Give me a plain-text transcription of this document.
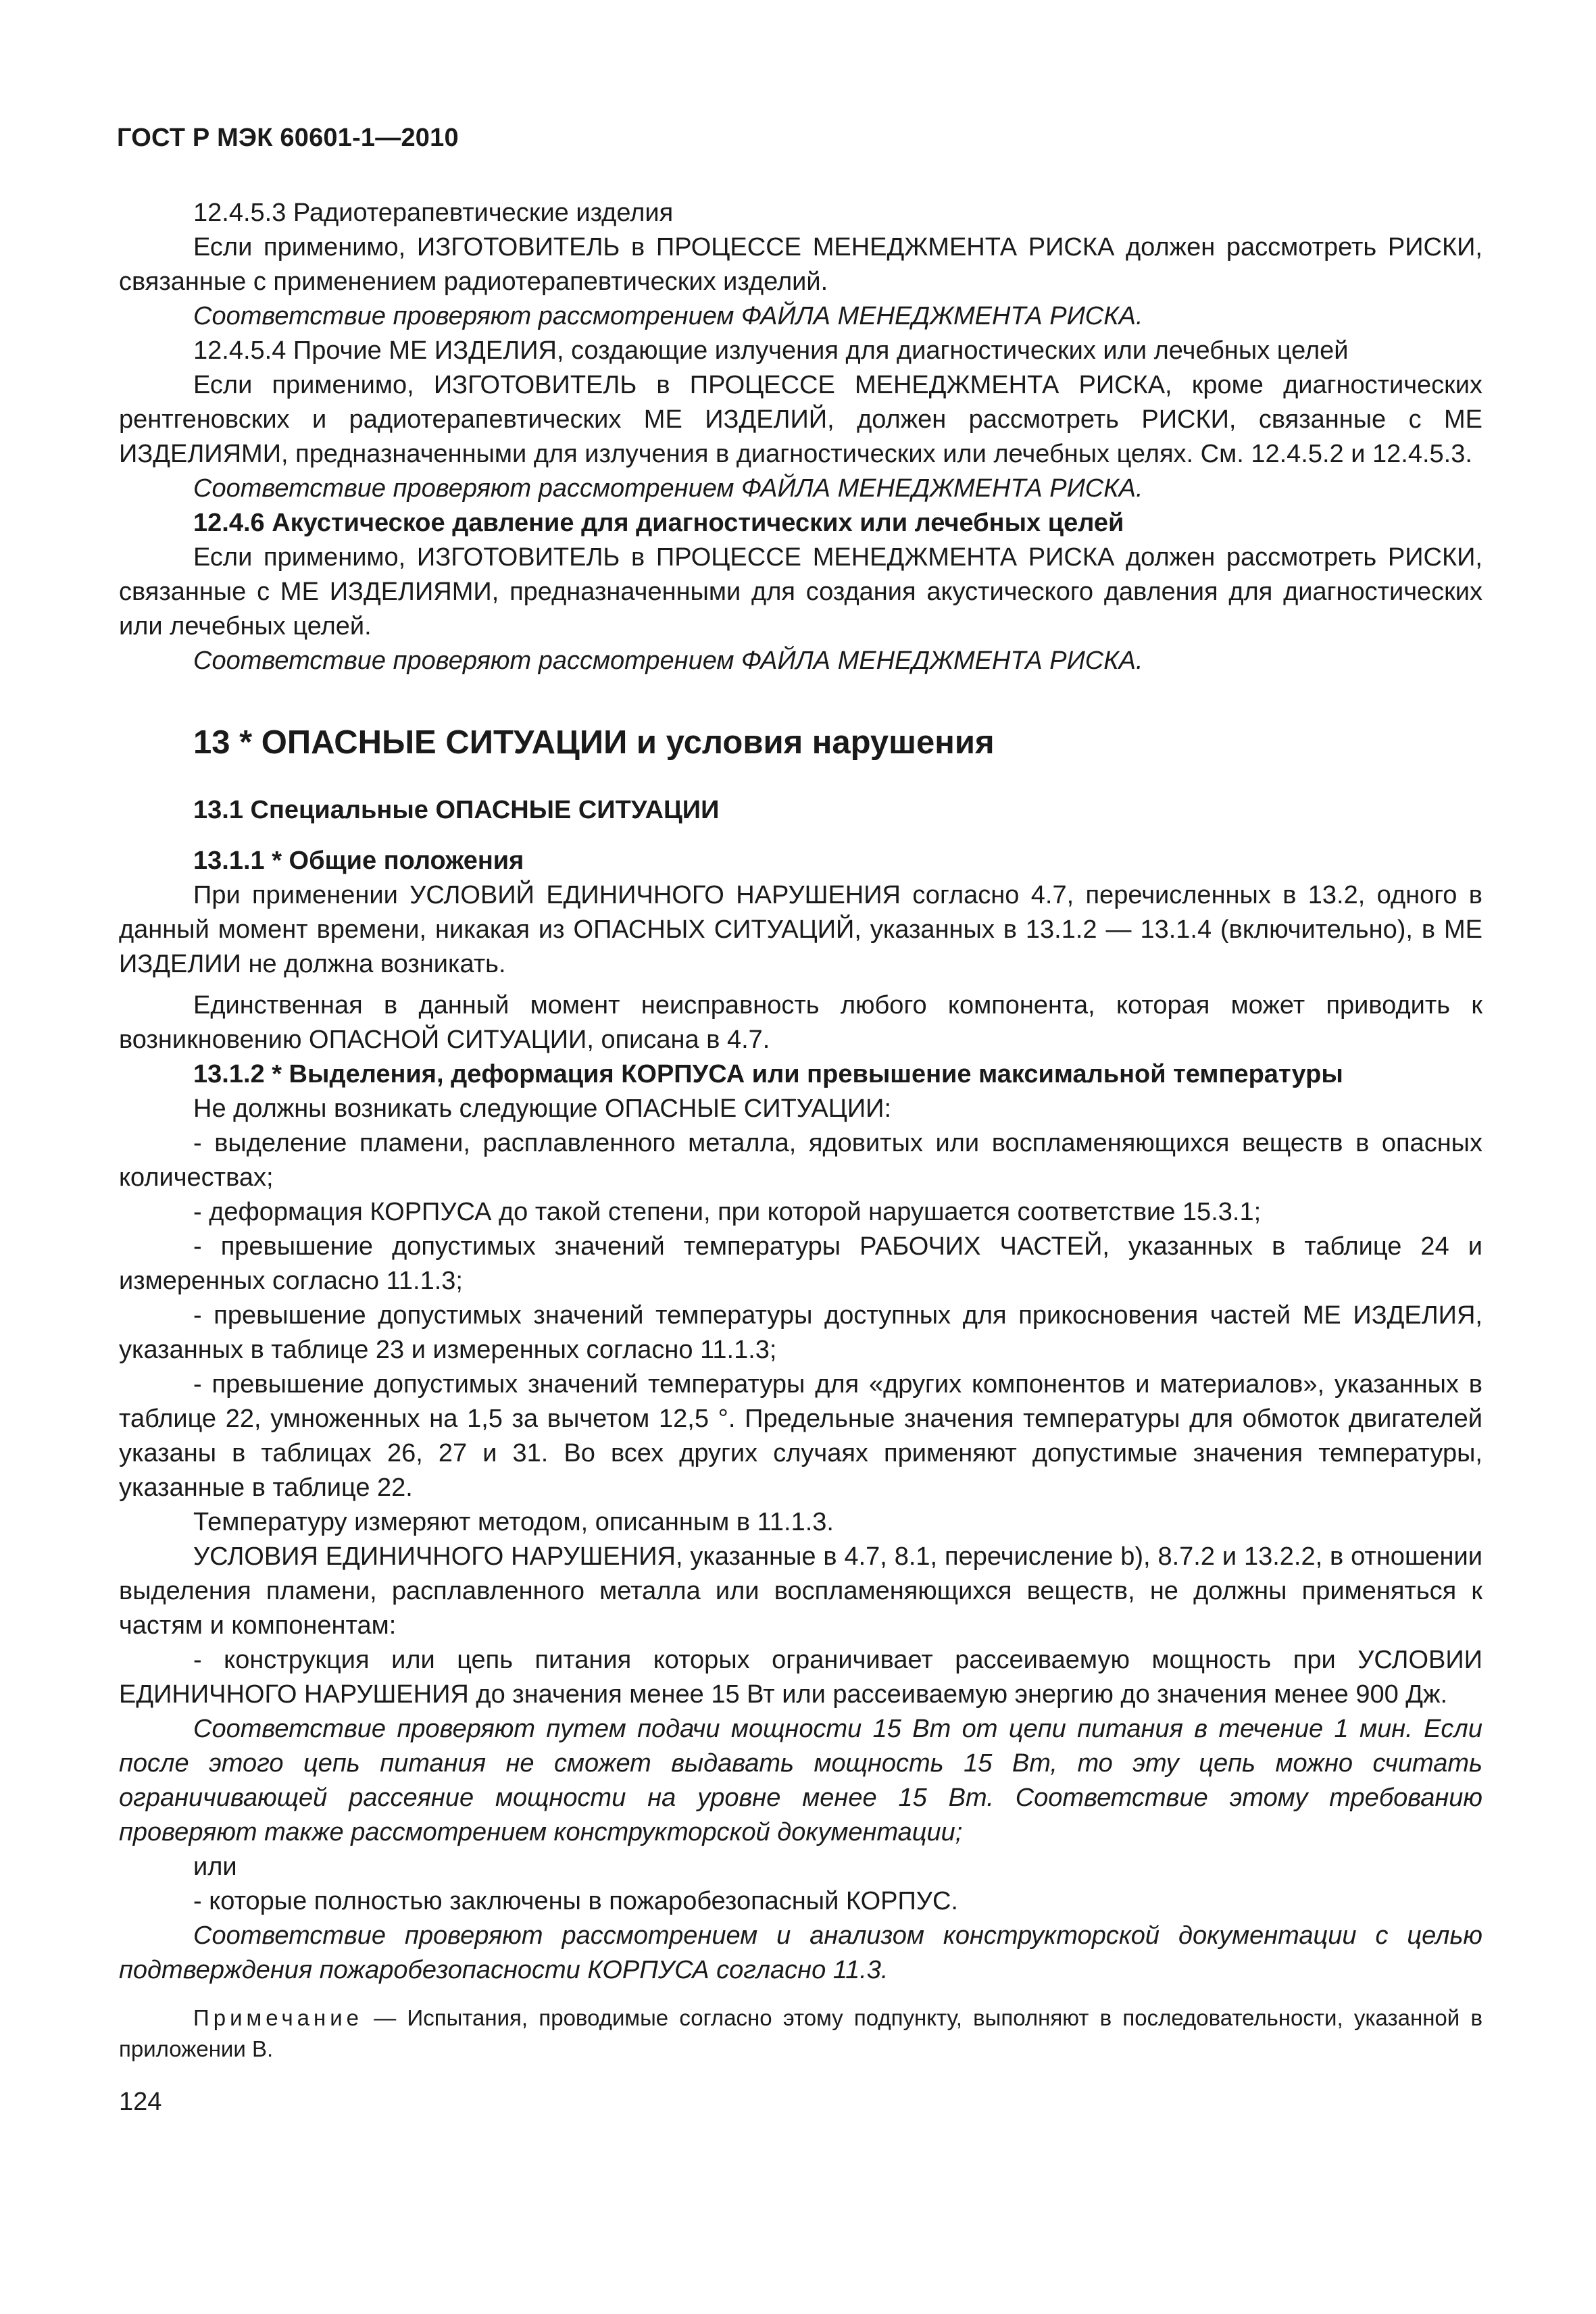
ГОСТ Р МЭК 60601-1—2010

12.4.5.3 Радиотерапевтические изделия

Если применимо, ИЗГОТОВИТЕЛЬ в ПРОЦЕССЕ МЕНЕДЖМЕНТА РИСКА должен рассмотреть РИСКИ, связанные с применением радиотерапевтических изделий.

Соответствие проверяют рассмотрением ФАЙЛА МЕНЕДЖМЕНТА РИСКА.

12.4.5.4 Прочие МЕ ИЗДЕЛИЯ, создающие излучения для диагностических или лечебных целей

Если применимо, ИЗГОТОВИТЕЛЬ в ПРОЦЕССЕ МЕНЕДЖМЕНТА РИСКА, кроме диагностических рентгеновских и радиотерапевтических МЕ ИЗДЕЛИЙ, должен рассмотреть РИСКИ, связанные с МЕ ИЗДЕЛИЯМИ, предназначенными для излучения в диагностических или лечебных целях. См. 12.4.5.2 и 12.4.5.3.

Соответствие проверяют рассмотрением ФАЙЛА МЕНЕДЖМЕНТА РИСКА.

12.4.6 Акустическое давление для диагностических или лечебных целей

Если применимо, ИЗГОТОВИТЕЛЬ в ПРОЦЕССЕ МЕНЕДЖМЕНТА РИСКА должен рассмотреть РИСКИ, связанные с МЕ ИЗДЕЛИЯМИ, предназначенными для создания акустического давления для диагностических или лечебных целей.

Соответствие проверяют рассмотрением ФАЙЛА МЕНЕДЖМЕНТА РИСКА.

13 * ОПАСНЫЕ СИТУАЦИИ и условия нарушения

13.1 Специальные ОПАСНЫЕ СИТУАЦИИ

13.1.1 * Общие положения

При применении УСЛОВИЙ ЕДИНИЧНОГО НАРУШЕНИЯ согласно 4.7, перечисленных в 13.2, одного в данный момент времени, никакая из ОПАСНЫХ СИТУАЦИЙ, указанных в 13.1.2 — 13.1.4 (включительно), в МЕ ИЗДЕЛИИ не должна возникать.

Единственная в данный момент неисправность любого компонента, которая может приводить к возникновению ОПАСНОЙ СИТУАЦИИ, описана в 4.7.

13.1.2 * Выделения, деформация КОРПУСА или превышение максимальной температуры

Не должны возникать следующие ОПАСНЫЕ СИТУАЦИИ:

- выделение пламени, расплавленного металла, ядовитых или воспламеняющихся веществ в опасных количествах;

- деформация КОРПУСА до такой степени, при которой нарушается соответствие 15.3.1;

- превышение допустимых значений температуры РАБОЧИХ ЧАСТЕЙ, указанных в таблице 24 и измеренных согласно 11.1.3;

- превышение допустимых значений температуры доступных для прикосновения частей МЕ ИЗДЕЛИЯ, указанных в таблице 23 и измеренных согласно 11.1.3;

- превышение допустимых значений температуры для «других компонентов и материалов», указанных в таблице 22, умноженных на 1,5 за вычетом 12,5 °. Предельные значения температуры для обмоток двигателей указаны в таблицах 26, 27 и 31. Во всех других случаях применяют допустимые значения температуры, указанные в таблице 22.

Температуру измеряют методом, описанным в 11.1.3.

УСЛОВИЯ ЕДИНИЧНОГО НАРУШЕНИЯ, указанные в 4.7, 8.1, перечисление b), 8.7.2 и 13.2.2, в отношении выделения пламени, расплавленного металла или воспламеняющихся веществ, не должны применяться к частям и компонентам:

- конструкция или цепь питания которых ограничивает рассеиваемую мощность при УСЛОВИИ ЕДИНИЧНОГО НАРУШЕНИЯ до значения менее 15 Вт или рассеиваемую энергию до значения менее 900 Дж.

Соответствие проверяют путем подачи мощности 15 Вт от цепи питания в течение 1 мин. Если после этого цепь питания не сможет выдавать мощность 15 Вт, то эту цепь можно считать ограничивающей рассеяние мощности на уровне менее 15 Вт. Соответствие этому требованию проверяют также рассмотрением конструкторской документации;

или

- которые полностью заключены в пожаробезопасный КОРПУС.

Соответствие проверяют рассмотрением и анализом конструкторской документации с целью подтверждения пожаробезопасности КОРПУСА согласно 11.3.

Примечание — Испытания, проводимые согласно этому подпункту, выполняют в последовательности, указанной в приложении В.

124
